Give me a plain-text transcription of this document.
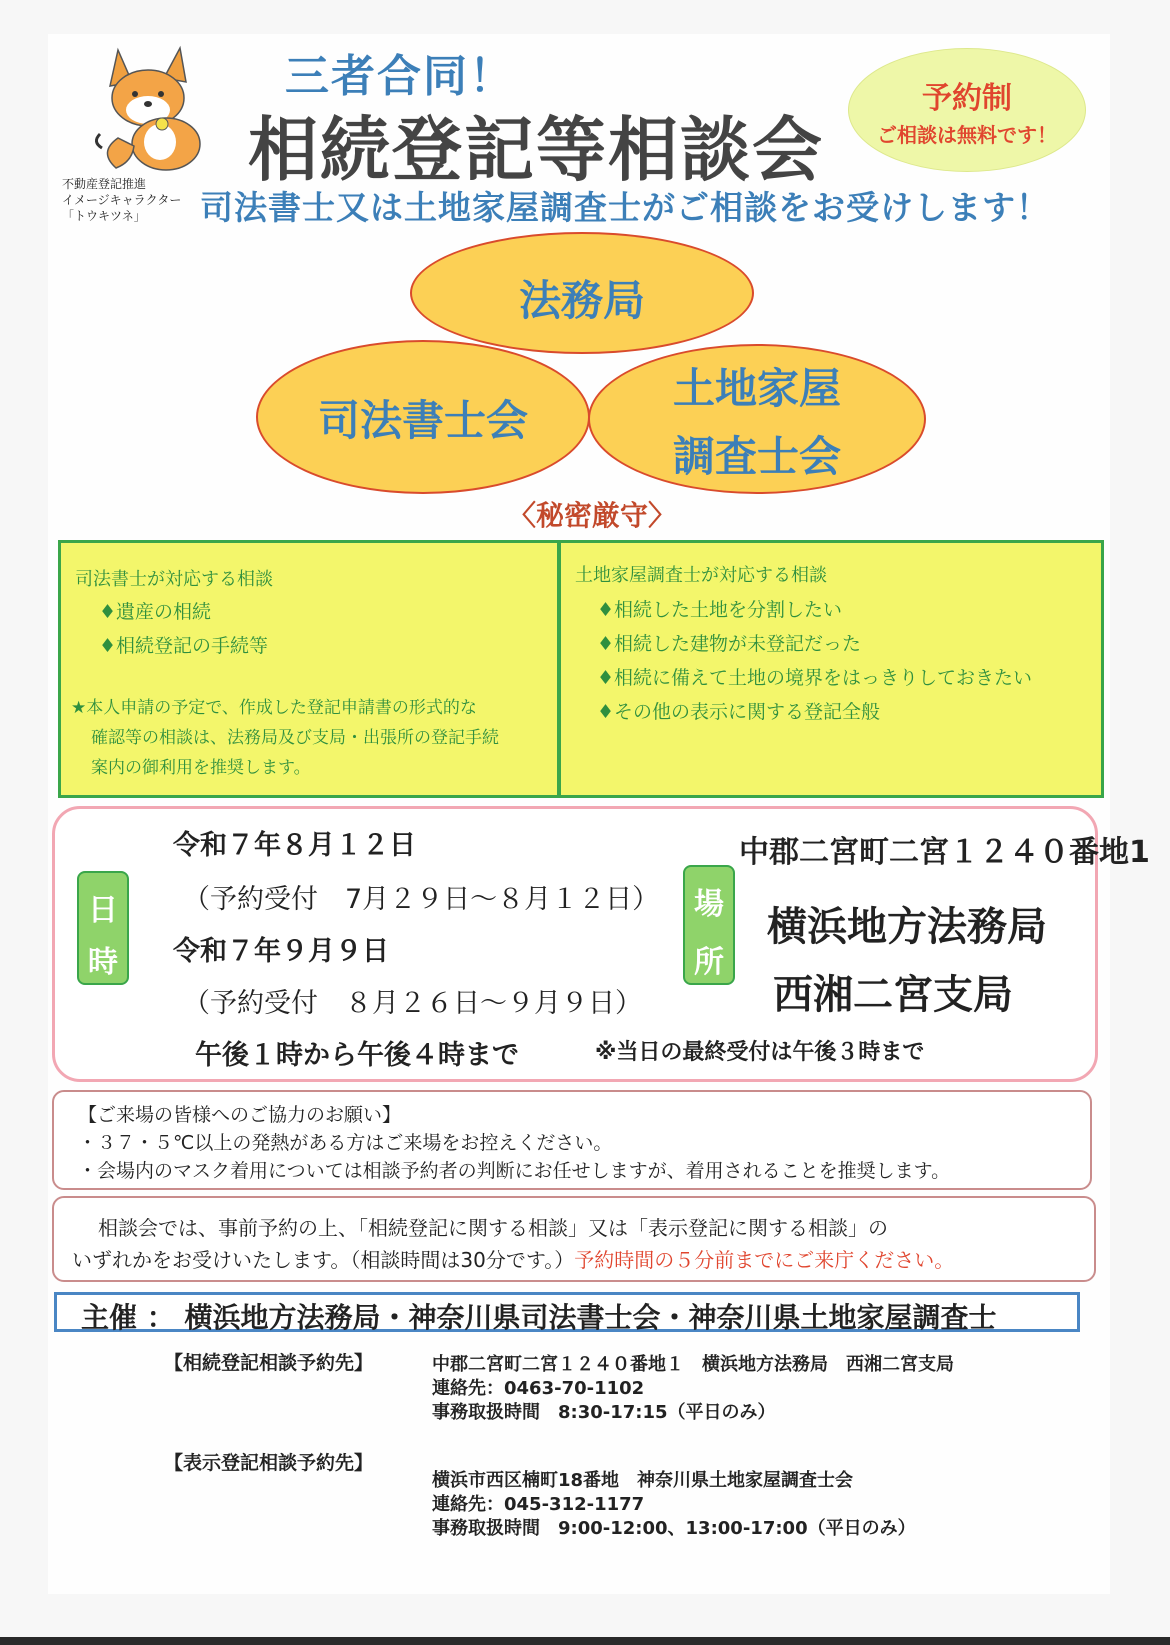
不動産登記推進
イメージキャラクター
「トウキツネ」
三者合同！
相続登記等相談会
予約制
ご相談は無料です！
司法書士又は土地家屋調査士がご相談をお受けします！
法務局
司法書士会
土地家屋
調査士会
〈秘密厳守〉
司法書士が対応する相談
♦遺産の相続
♦相続登記の手続等
★本人申請の予定で、作成した登記申請書の形式的な
確認等の相談は、法務局及び支局・出張所の登記手続
案内の御利用を推奨します。
土地家屋調査士が対応する相談
♦相続した土地を分割したい
♦相続した建物が未登記だった
♦相続に備えて土地の境界をはっきりしておきたい
♦その他の表示に関する登記全般
日
時
令和７年８月１２日
（予約受付　7月２９日〜８月１２日）
令和７年９月９日
（予約受付　８月２６日〜９月９日）
午後１時から午後４時まで	※当日の最終受付は午後３時まで
場
所
中郡二宮町二宮１２４０番地1
横浜地方法務局
西湘二宮支局
【ご来場の皆様へのご協力のお願い】
・３７・５℃以上の発熱がある方はご来場をお控えください。
・会場内のマスク着用については相談予約者の判断にお任せしますが、着用されることを推奨します。
相談会では、事前予約の上、「相続登記に関する相談」又は「表示登記に関する相談」の
いずれかをお受けいたします。（相談時間は30分です。）予約時間の５分前までにご来庁ください。
主催 ： 横浜地方法務局・神奈川県司法書士会・神奈川県土地家屋調査士
【相続登記相談予約先】	中郡二宮町二宮１２４０番地１　横浜地方法務局　西湘二宮支局
連絡先：0463-70-1102
事務取扱時間　8:30-17:15（平日のみ）
【表示登記相談予約先】
横浜市西区楠町18番地　神奈川県土地家屋調査士会
連絡先：045-312-1177
事務取扱時間　9:00-12:00、13:00-17:00（平日のみ）
